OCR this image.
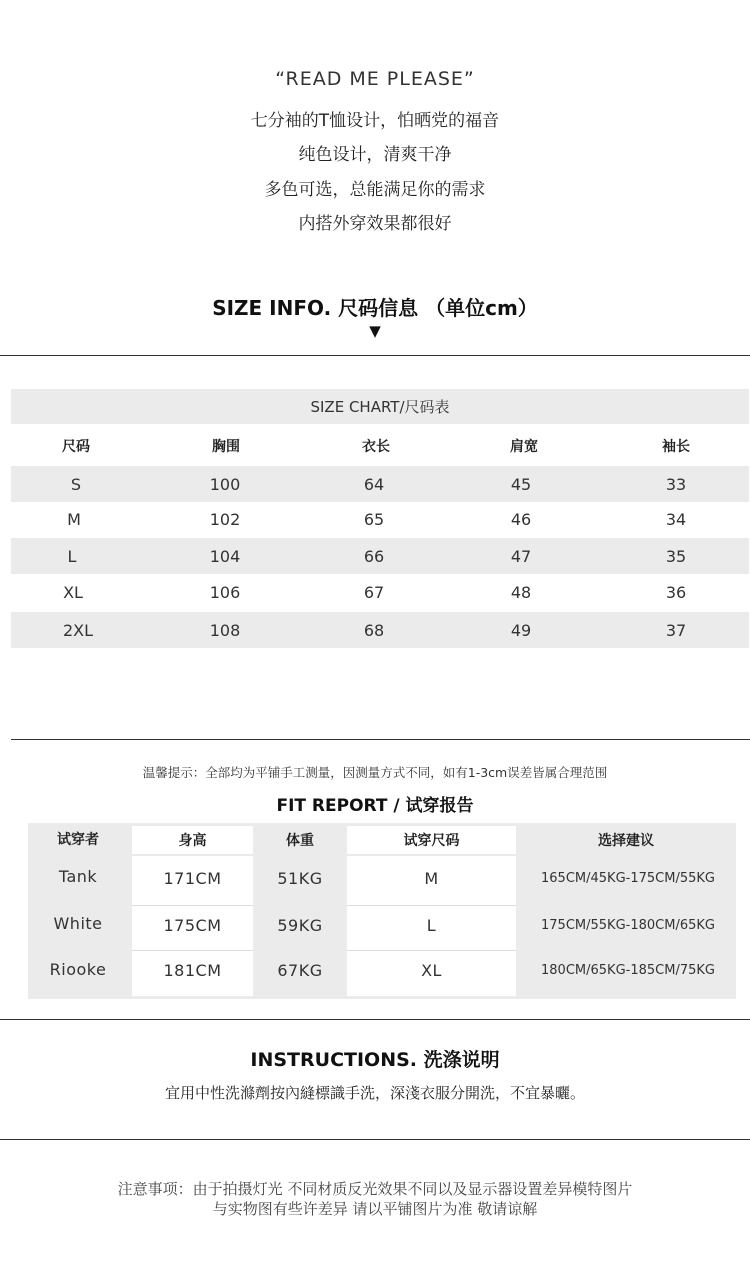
“READ ME PLEASE”
七分袖的T恤设计，怕晒党的福音
纯色设计，清爽干净
多色可选，总能满足你的需求
内搭外穿效果都很好
SIZE INFO. 尺码信息 （单位cm）
▼
SIZE CHART/尺码表
尺码	胸围	衣长	肩宽	袖长
S	100	64	45	33
M	102	65	46	34
L	104	66	47	35
XL	106	67	48	36
2XL	108	68	49	37
温馨提示：全部均为平铺手工测量，因测量方式不同，如有1-3cm误差皆属合理范围
FIT REPORT / 试穿报告
试穿者	身高	体重	试穿尺码	选择建议
Tank	171CM	51KG	M	165CM/45KG-175CM/55KG
White	175CM	59KG	L	175CM/55KG-180CM/65KG
Riooke	181CM	67KG	XL	180CM/65KG-185CM/75KG
INSTRUCTIONS. 洗涤说明
宜用中性洗滌劑按內縫標識手洗，深淺衣服分開洗，不宜暴曬。
注意事项：由于拍摄灯光 不同材质反光效果不同以及显示器设置差异模特图片
与实物图有些许差异 请以平铺图片为准 敬请谅解
